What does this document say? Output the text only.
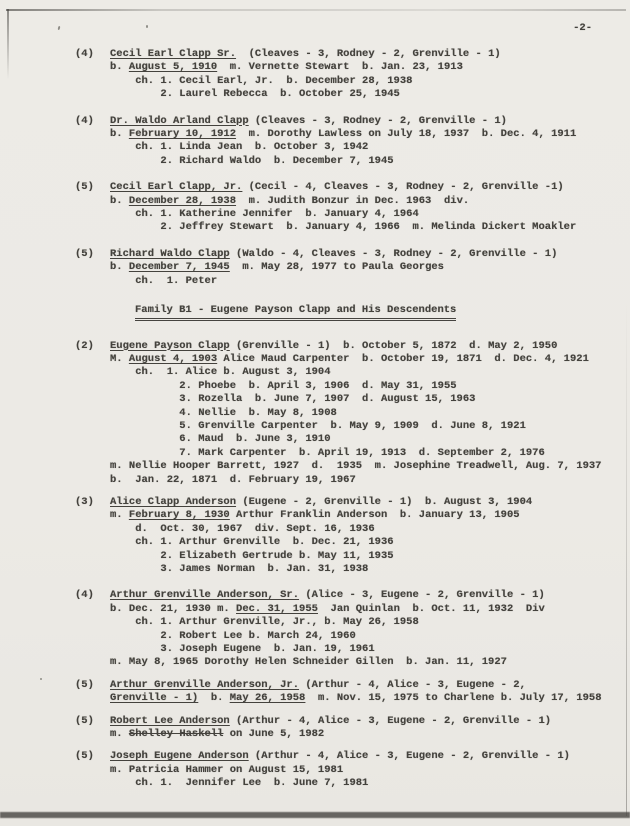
-2-
(4)	Cecil Earl Clapp Sr.  (Cleaves - 3, Rodney - 2, Grenville - 1)
b. August 5, 1910  m. Vernette Stewart  b. Jan. 23, 1913
ch. 1. Cecil Earl, Jr.  b. December 28, 1938
2. Laurel Rebecca  b. October 25, 1945
(4)	Dr. Waldo Arland Clapp (Cleaves - 3, Rodney - 2, Grenville - 1)
b. February 10, 1912  m. Dorothy Lawless on July 18, 1937  b. Dec. 4, 1911
ch. 1. Linda Jean  b. October 3, 1942
2. Richard Waldo  b. December 7, 1945
(5)	Cecil Earl Clapp, Jr. (Cecil - 4, Cleaves - 3, Rodney - 2, Grenville -1)
b. December 28, 1938  m. Judith Bonzur in Dec. 1963  div.
ch. 1. Katherine Jennifer  b. January 4, 1964
2. Jeffrey Stewart  b. January 4, 1966  m. Melinda Dickert Moakler
(5)	Richard Waldo Clapp (Waldo - 4, Cleaves - 3, Rodney - 2, Grenville - 1)
b. December 7, 1945  m. May 28, 1977 to Paula Georges
ch.  1. Peter
Family B1 - Eugene Payson Clapp and His Descendents
(2)	Eugene Payson Clapp (Grenville - 1)  b. October 5, 1872  d. May 2, 1950
M. August 4, 1903 Alice Maud Carpenter  b. October 19, 1871  d. Dec. 4, 1921
ch.  1. Alice b. August 3, 1904
2. Phoebe  b. April 3, 1906  d. May 31, 1955
3. Rozella  b. June 7, 1907  d. August 15, 1963
4. Nellie  b. May 8, 1908
5. Grenville Carpenter  b. May 9, 1909  d. June 8, 1921
6. Maud  b. June 3, 1910
7. Mark Carpenter  b. April 19, 1913  d. September 2, 1976
m. Nellie Hooper Barrett, 1927  d.  1935  m. Josephine Treadwell, Aug. 7, 1937
b.  Jan. 22, 1871  d. February 19, 1967
(3)	Alice Clapp Anderson (Eugene - 2, Grenville - 1)  b. August 3, 1904
m. February 8, 1930 Arthur Franklin Anderson  b. January 13, 1905
d.  Oct. 30, 1967  div. Sept. 16, 1936
ch. 1. Arthur Grenville  b. Dec. 21, 1936
2. Elizabeth Gertrude b. May 11, 1935
3. James Norman  b. Jan. 31, 1938
(4)	Arthur Grenville Anderson, Sr. (Alice - 3, Eugene - 2, Grenville - 1)
b. Dec. 21, 1930 m. Dec. 31, 1955  Jan Quinlan  b. Oct. 11, 1932  Div
ch. 1. Arthur Grenville, Jr., b. May 26, 1958
2. Robert Lee b. March 24, 1960
3. Joseph Eugene  b. Jan. 19, 1961
m. May 8, 1965 Dorothy Helen Schneider Gillen  b. Jan. 11, 1927
(5)	Arthur Grenville Anderson, Jr. (Arthur - 4, Alice - 3, Eugene - 2,
Grenville - 1)  b. May 26, 1958  m. Nov. 15, 1975 to Charlene b. July 17, 1958
(5)	Robert Lee Anderson (Arthur - 4, Alice - 3, Eugene - 2, Grenville - 1)
m. Shelley Haskell on June 5, 1982
(5)	Joseph Eugene Anderson (Arthur - 4, Alice - 3, Eugene - 2, Grenville - 1)
m. Patricia Hammer on August 15, 1981
ch. 1.  Jennifer Lee  b. June 7, 1981
